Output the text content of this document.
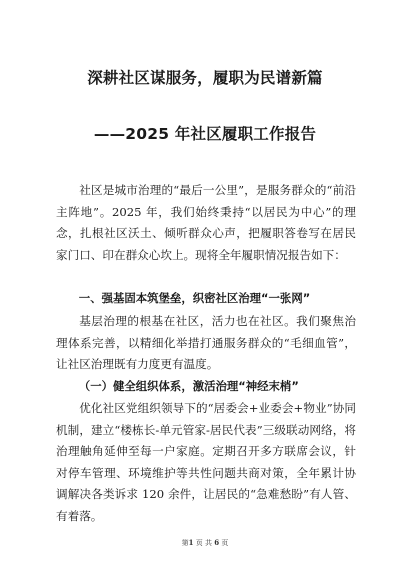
深耕社区谋服务，履职为民谱新篇
——2025 年社区履职工作报告
社区是城市治理的“最后一公里”，是服务群众的“前沿主阵地”。2025 年，我们始终秉持“以居民为中心”的理念，扎根社区沃土、倾听群众心声，把履职答卷写在居民家门口、印在群众心坎上。现将全年履职情况报告如下：
一、强基固本筑堡垒，织密社区治理“一张网”
基层治理的根基在社区，活力也在社区。我们聚焦治理体系完善，以精细化举措打通服务群众的“毛细血管”，让社区治理既有力度更有温度。
（一）健全组织体系，激活治理“神经末梢”
优化社区党组织领导下的“居委会+业委会+物业”协同机制，建立“楼栋长-单元管家-居民代表”三级联动网络，将治理触角延伸至每一户家庭。定期召开多方联席会议，针对停车管理、环境维护等共性问题共商对策，全年累计协调解决各类诉求 120 余件，让居民的“急难愁盼”有人管、有着落。
第1 页 共 6 页
